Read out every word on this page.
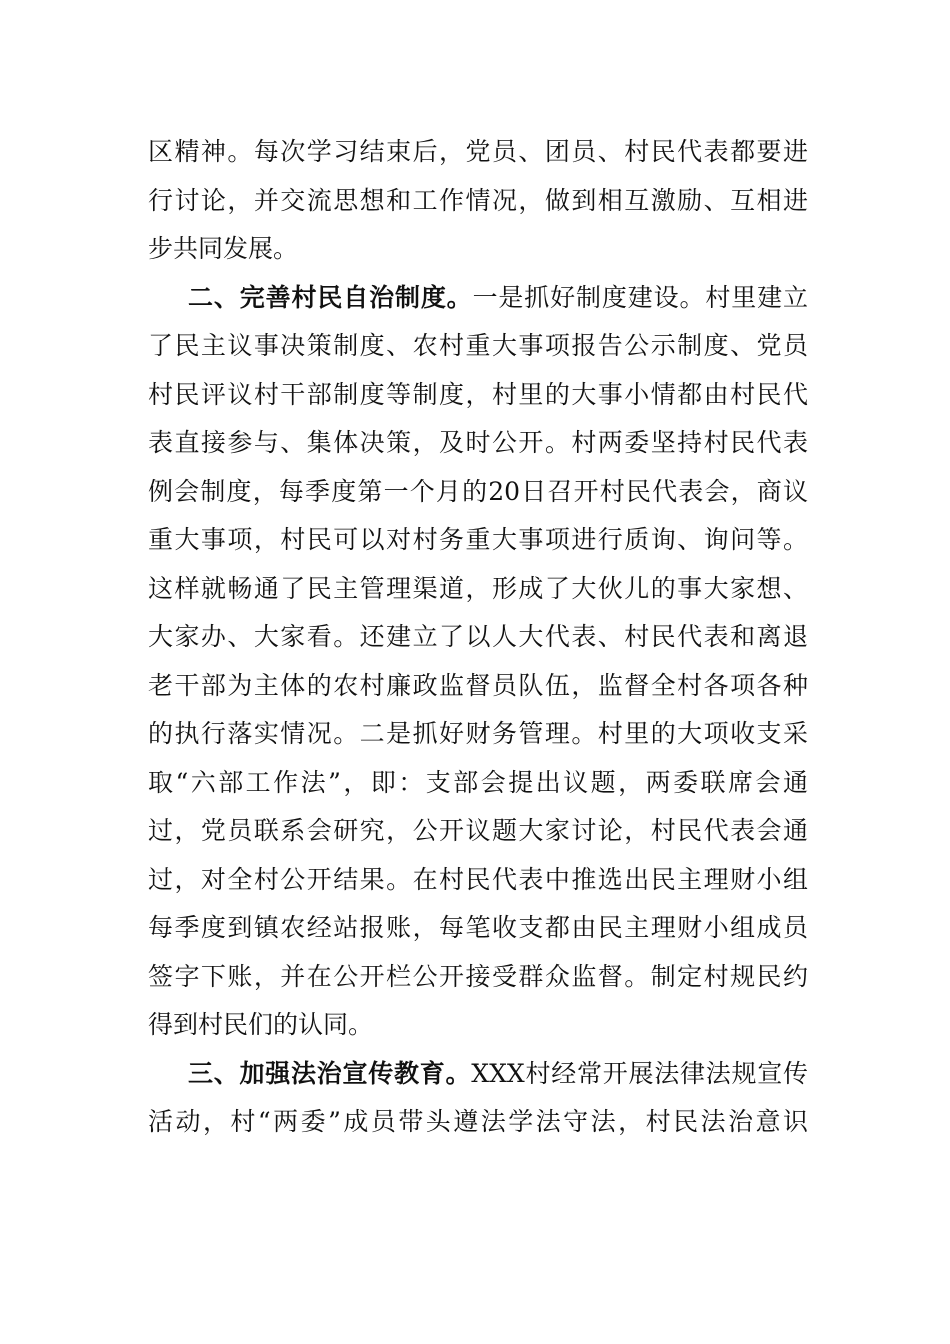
区精神。每次学习结束后，党员、团员、村民代表都要进
行讨论，并交流思想和工作情况，做到相互激励、互相进
步共同发展。
二、完善村民自治制度。一是抓好制度建设。村里建立
了民主议事决策制度、农村重大事项报告公示制度、党员
村民评议村干部制度等制度，村里的大事小情都由村民代
表直接参与、集体决策，及时公开。村两委坚持村民代表
例会制度，每季度第一个月的20日召开村民代表会，商议
重大事项，村民可以对村务重大事项进行质询、询问等。
这样就畅通了民主管理渠道，形成了大伙儿的事大家想、
大家办、大家看。还建立了以人大代表、村民代表和离退
老干部为主体的农村廉政监督员队伍，监督全村各项各种
的执行落实情况。二是抓好财务管理。村里的大项收支采
取“六部工作法”，即：支部会提出议题，两委联席会通
过，党员联系会研究，公开议题大家讨论，村民代表会通
过，对全村公开结果。在村民代表中推选出民主理财小组
每季度到镇农经站报账，每笔收支都由民主理财小组成员
签字下账，并在公开栏公开接受群众监督。制定村规民约
得到村民们的认同。
三、加强法治宣传教育。XXX村经常开展法律法规宣传
活动，村“两委”成员带头遵法学法守法，村民法治意识
